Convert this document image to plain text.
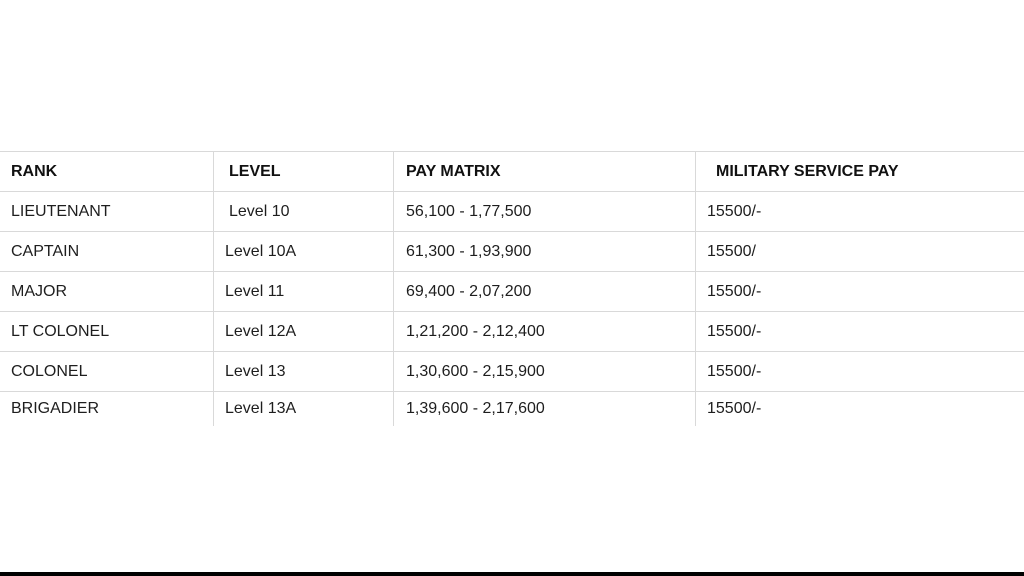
RANK	LEVEL	PAY MATRIX	MILITARY SERVICE PAY
LIEUTENANT	Level 10	56,100 - 1,77,500	15500/-
CAPTAIN	Level 10A	61,300 - 1,93,900	15500/
MAJOR	Level 11	69,400 - 2,07,200	15500/-
LT COLONEL	Level 12A	1,21,200 - 2,12,400	15500/-
COLONEL	Level 13	1,30,600 - 2,15,900	15500/-
BRIGADIER	Level 13A	1,39,600 - 2,17,600	15500/-
